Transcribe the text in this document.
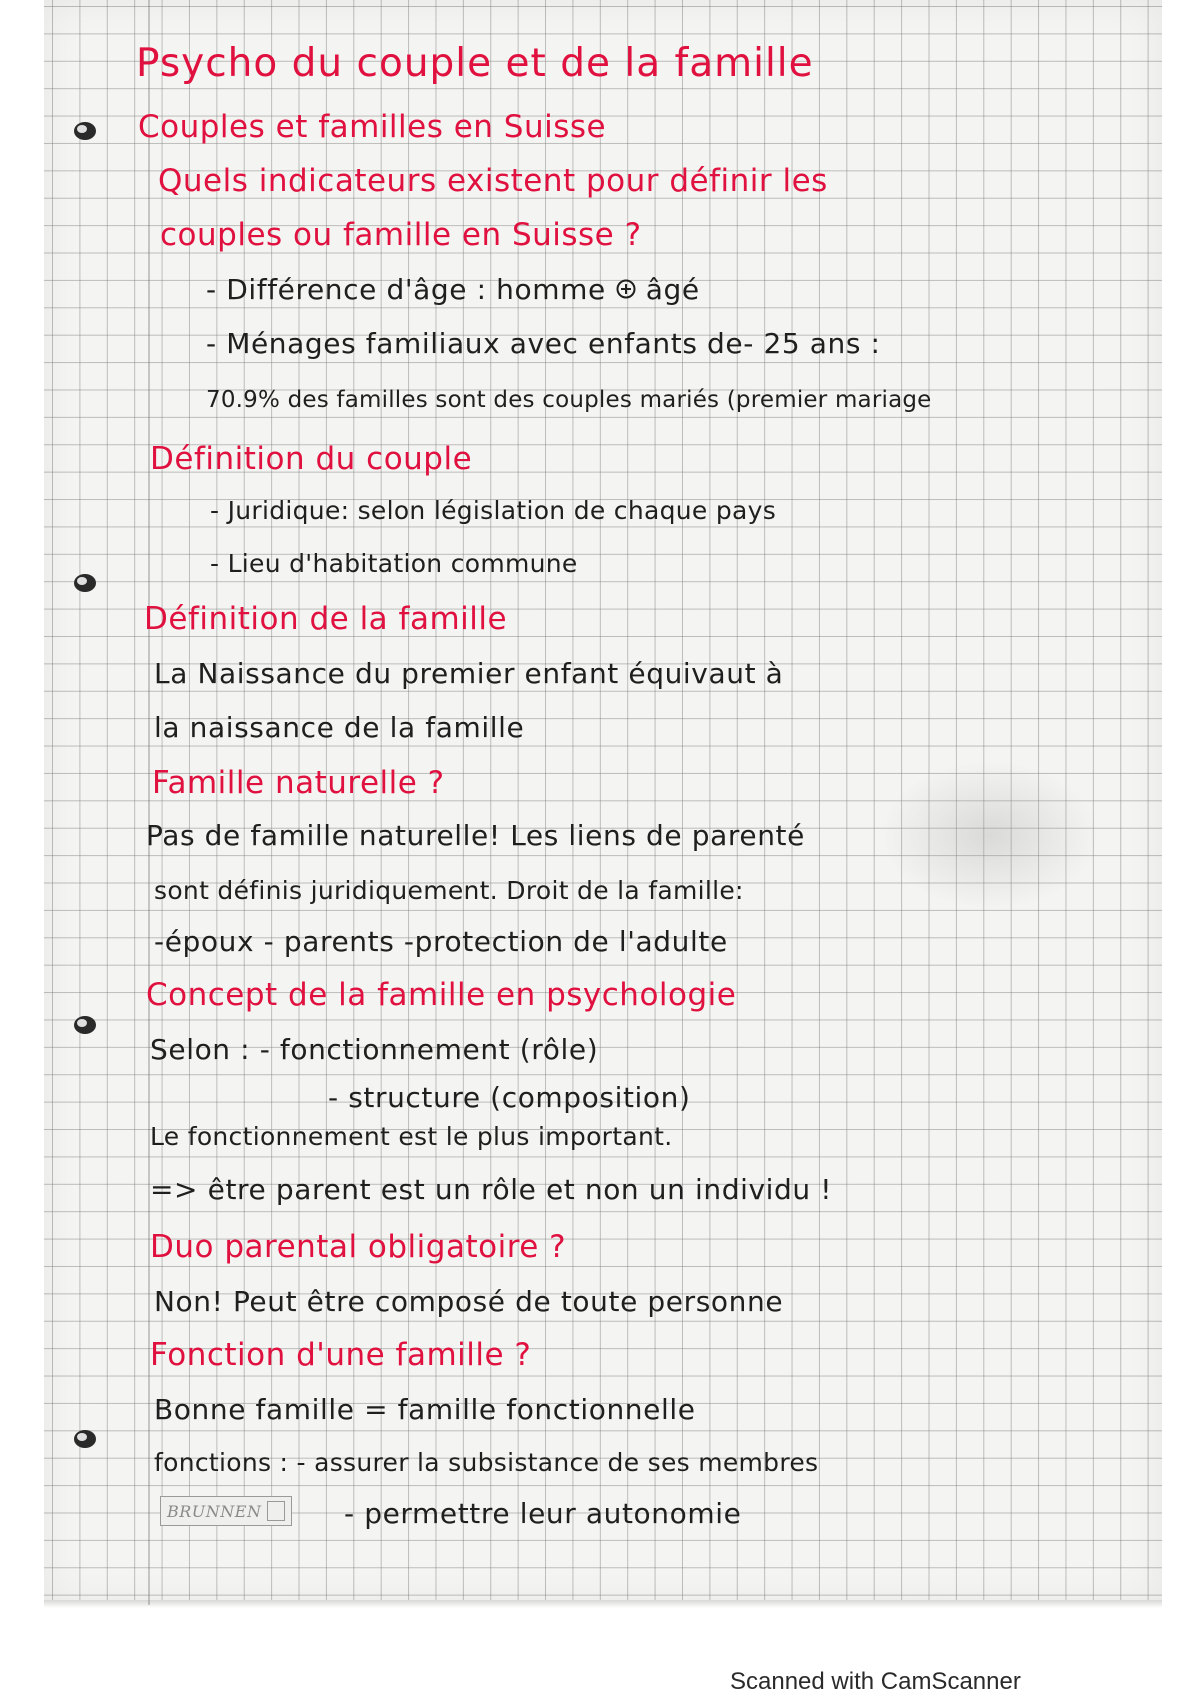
Psycho du couple et de la famille
Couples et familles en Suisse
Quels indicateurs existent pour définir les
couples ou famille en Suisse ?
- Différence d'âge : homme âgé
- Ménages familiaux avec enfants de- 25 ans :
70.9% des familles sont des couples mariés (premier mariage
Définition du couple
- Juridique: selon législation de chaque pays
- Lieu d'habitation commune
Définition de la famille
La Naissance du premier enfant équivaut à
la naissance de la famille
Famille naturelle ?
Pas de famille naturelle! Les liens de parenté
sont définis juridiquement. Droit de la famille:
-époux - parents -protection de l'adulte
Concept de la famille en psychologie
Selon : - fonctionnement (rôle)
- structure (composition)
Le fonctionnement est le plus important.
=> être parent est un rôle et non un individu !
Duo parental obligatoire ?
Non! Peut être composé de toute personne
Fonction d'une famille ?
Bonne famille = famille fonctionnelle
fonctions : - assurer la subsistance de ses membres
- permettre leur autonomie
BRUNNEN
Scanned with CamScanner
